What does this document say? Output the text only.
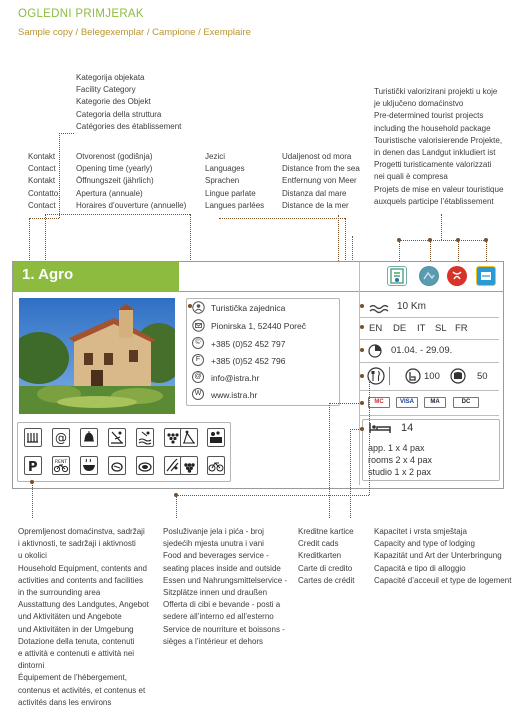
OGLEDNI PRIMJERAK
Sample copy / Belegexemplar / Campione / Exemplaire
Kategorija objekata
Facility Category
Kategorie des Objekt
Categoria della struttura
Catégories des établissement
Kontakt
Contact
Kontakt
Contatto
Contact
Otvorenost (godišnja)
Opening time (yearly)
Öffnungszeit (jährlich)
Apertura (annuale)
Horaires d’ouverture (annuelle)
Jezici
Languages
Sprachen
Lingue parlate
Langues parlées
Udaljenost od mora
Distance from the sea
Entfernung von Meer
Distanza dal mare
Distance de la mer
Turistički valorizirani projekti u koje
je uključeno domaćinstvo
Pre-determined tourist projects
including the household package
Touristische valorisierende Projekte,
in denen das Landgut inkludiert ist
Progetti turisticamente valorizzati
nei quali è compresa
Projets de mise en valeur touristique
auxquels participe l’établissement
1. Agro
Turistička zajednica
Pionirska 1, 52440 Poreč
©	+385 (0)52 452 797
F	+385 (0)52 452 796
@ info@istra.hr
W	www.istra.hr
10 Km
EN DE IT SL FR
01.04. - 29.09.
100	50
MC	VISA	MA	DC
14
app. 1 x 4 pax
rooms 2 x 4 pax
studio 1 x 2 pax
@
P	RENT
Opremljenost domaćinstva, sadržaji
i aktivnosti, te sadržaji i aktivnosti
u okolici
Household Equipment, contents and
activities and contents and facilities
in the surrounding area
Ausstattung des Landgutes, Angebot
und Aktivitäten und Angebote
und Aktivitäten in der Umgebung
Dotazione della tenuta, contenuti
e attività e contenuti e attività nei
dintorni
Équipement de l’hébergement,
contenus et activités, et contenus et
activités dans les environs
Posluživanje jela i pića - broj
sjedećih mjesta unutra i vani
Food and beverages service -
seating places inside and outside
Essen und Nahrungsmittelservice -
Sitzplätze innen und draußen
Offerta di cibi e bevande - posti a
sedere all’interno ed all’esterno
Service de nourriture et boissons -
sièges a l’intérieur et dehors
Kreditne kartice
Credit cads
Kreditkarten
Carte di credito
Cartes de crédit
Kapacitet i vrsta smještaja
Capacity and type of lodging
Kapazität und Art der Unterbringung
Capacità e tipo di alloggio
Capacité d’acceuil et type de logement
